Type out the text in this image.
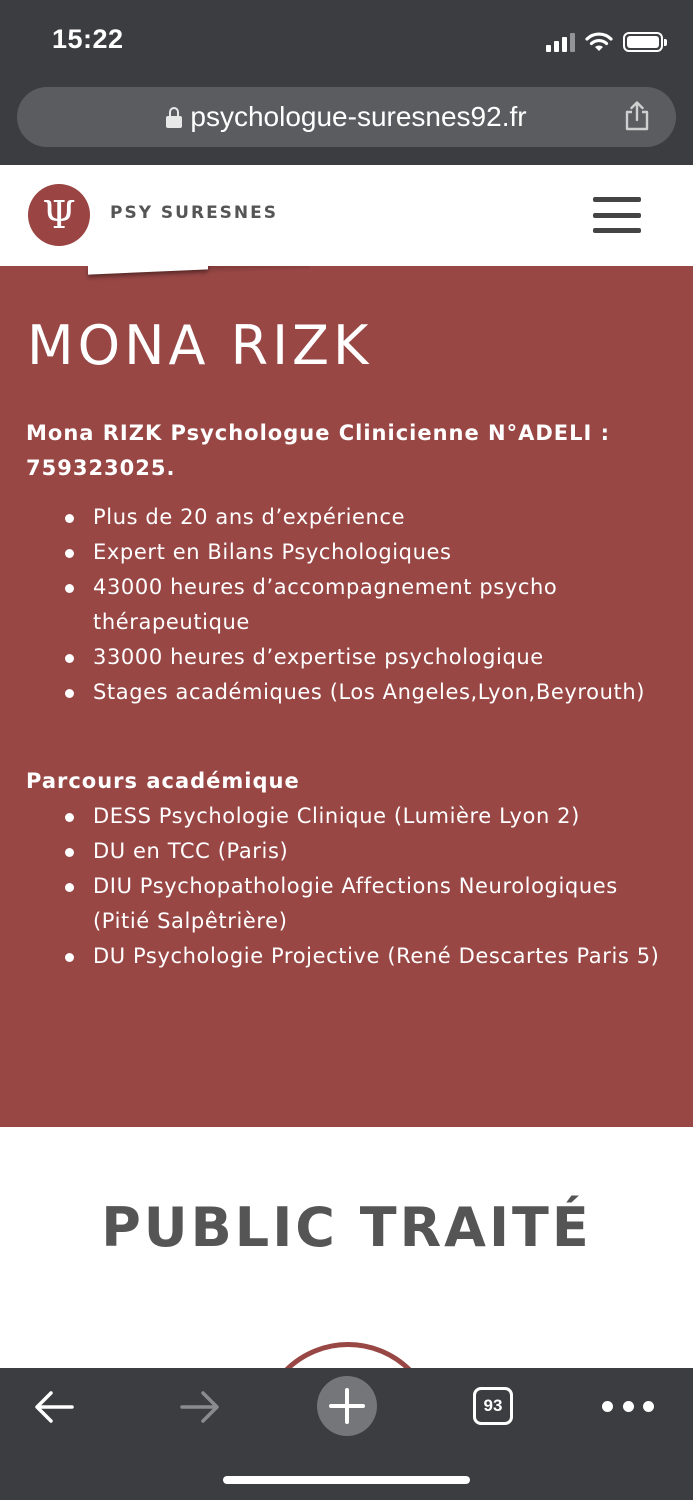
15:22
psychologue-suresnes92.fr
Ψ	PSY SURESNES
MONA RIZK

Mona RIZK Psychologue Clinicienne N°ADELI : 759323025.

Plus de 20 ans d’expérience
Expert en Bilans Psychologiques
43000 heures d’accompagnement psycho thérapeutique
33000 heures d’expertise psychologique
Stages académiques (Los Angeles,Lyon,Beyrouth)
Parcours académique
DESS Psychologie Clinique (Lumière Lyon 2)
DU en TCC (Paris)
DIU Psychopathologie Affections Neurologiques (Pitié Salpêtrière)
DU Psychologie Projective (René Descartes Paris 5)
PUBLIC TRAITÉ
93
